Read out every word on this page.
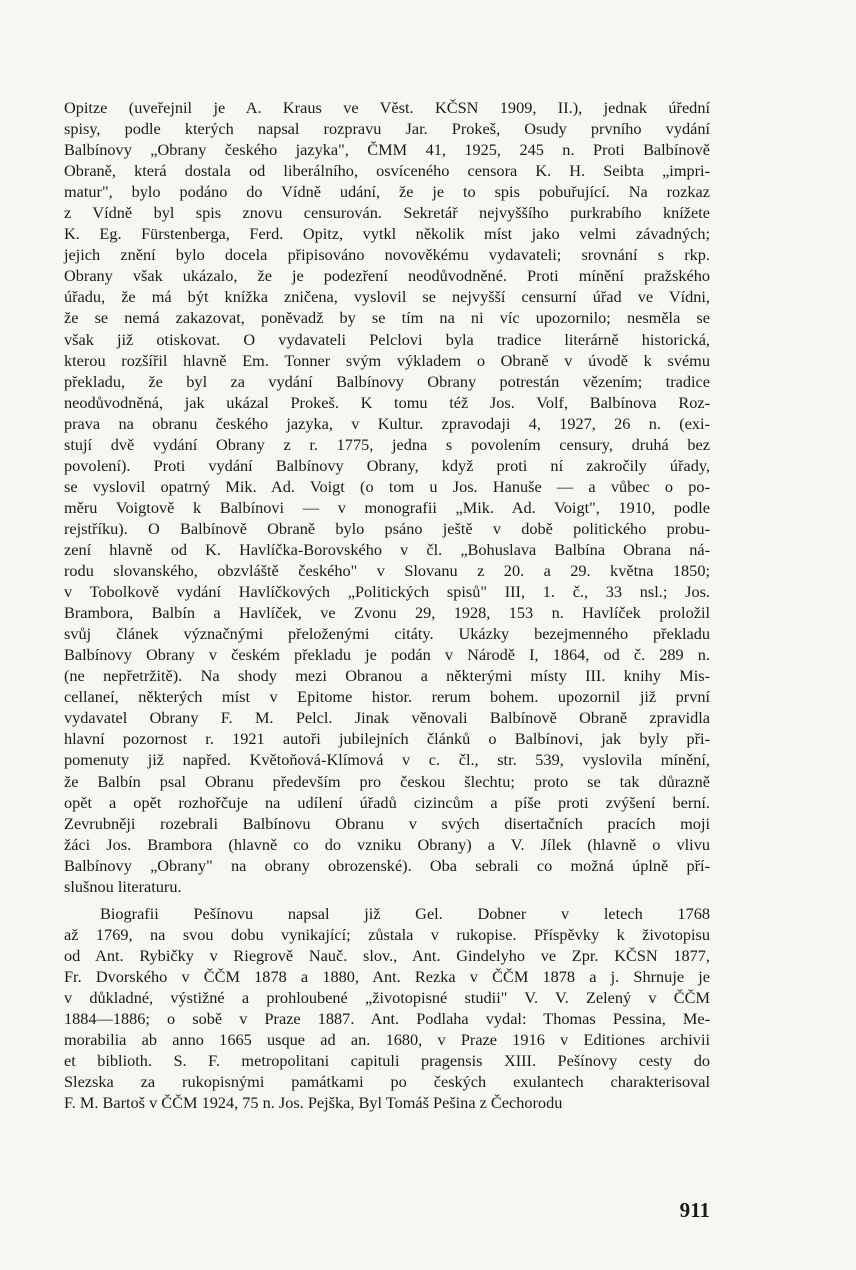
Opitze (uveřejnil je A. Kraus ve Věst. KČSN 1909, II.), jednak úřední
spisy, podle kterých napsal rozpravu Jar. Prokeš, Osudy prvního vydání
Balbínovy „Obrany českého jazyka", ČMM 41, 1925, 245 n. Proti Balbínově
Obraně, která dostala od liberálního, osvíceného censora K. H. Seibta „impri-
matur", bylo podáno do Vídně udání, že je to spis pobuřující. Na rozkaz
z Vídně byl spis znovu censurován. Sekretář nejvyššího purkrabího knížete
K. Eg. Fürstenberga, Ferd. Opitz, vytkl několik míst jako velmi závadných;
jejich znění bylo docela připisováno novověkému vydavateli; srovnání s rkp.
Obrany však ukázalo, že je podezření neodůvodněné. Proti mínění pražského
úřadu, že má být knížka zničena, vyslovil se nejvyšší censurní úřad ve Vídni,
že se nemá zakazovat, poněvadž by se tím na ni víc upozornilo; nesměla se
však již otiskovat. O vydavateli Pelclovi byla tradice literárně historická,
kterou rozšířil hlavně Em. Tonner svým výkladem o Obraně v úvodě k svému
překladu, že byl za vydání Balbínovy Obrany potrestán vězením; tradice
neodůvodněná, jak ukázal Prokeš. K tomu též Jos. Volf, Balbínova Roz-
prava na obranu českého jazyka, v Kultur. zpravodaji 4, 1927, 26 n. (exi-
stují dvě vydání Obrany z r. 1775, jedna s povolením censury, druhá bez
povolení). Proti vydání Balbínovy Obrany, když proti ní zakročily úřady,
se vyslovil opatrný Mik. Ad. Voigt (o tom u Jos. Hanuše — a vůbec o po-
měru Voigtově k Balbínovi — v monografii „Mik. Ad. Voigt", 1910, podle
rejstříku). O Balbínově Obraně bylo psáno ještě v době politického probu-
zení hlavně od K. Havlíčka-Borovského v čl. „Bohuslava Balbína Obrana ná-
rodu slovanského, obzvláště českého" v Slovanu z 20. a 29. května 1850;
v Tobolkově vydání Havlíčkových „Politických spisů" III, 1. č., 33 nsl.; Jos.
Brambora, Balbín a Havlíček, ve Zvonu 29, 1928, 153 n. Havlíček proložil
svůj článek význačnými přeloženými citáty. Ukázky bezejmenného překladu
Balbínovy Obrany v českém překladu je podán v Národě I, 1864, od č. 289 n.
(ne nepřetržitě). Na shody mezi Obranou a některými místy III. knihy Mis-
cellaneí, některých míst v Epitome histor. rerum bohem. upozornil již první
vydavatel Obrany F. M. Pelcl. Jinak věnovali Balbínově Obraně zpravidla
hlavní pozornost r. 1921 autoři jubilejních článků o Balbínovi, jak byly při-
pomenuty již napřed. Květoňová-Klímová v c. čl., str. 539, vyslovila mínění,
že Balbín psal Obranu především pro českou šlechtu; proto se tak důrazně
opět a opět rozhořčuje na udílení úřadů cizincům a píše proti zvýšení berní.
Zevrubněji rozebrali Balbínovu Obranu v svých disertačních pracích moji
žáci Jos. Brambora (hlavně co do vzniku Obrany) a V. Jílek (hlavně o vlivu
Balbínovy „Obrany" na obrany obrozenské). Oba sebrali co možná úplně pří-
slušnou literaturu.
Biografii Pešínovu napsal již Gel. Dobner v letech 1768
až 1769, na svou dobu vynikající; zůstala v rukopise. Příspěvky k životopisu
od Ant. Rybičky v Riegrově Nauč. slov., Ant. Gindelyho ve Zpr. KČSN 1877,
Fr. Dvorského v ČČM 1878 a 1880, Ant. Rezka v ČČM 1878 a j. Shrnuje je
v důkladné, výstižné a prohloubené „životopisné studii" V. V. Zelený v ČČM
1884—1886; o sobě v Praze 1887. Ant. Podlaha vydal: Thomas Pessina, Me-
morabilia ab anno 1665 usque ad an. 1680, v Praze 1916 v Editiones archivii
et biblioth. S. F. metropolitani capituli pragensis XIII. Pešínovy cesty do
Slezska za rukopisnými památkami po českých exulantech charakterisoval
F. M. Bartoš v ČČM 1924, 75 n. Jos. Pejška, Byl Tomáš Pešina z Čechorodu
911
